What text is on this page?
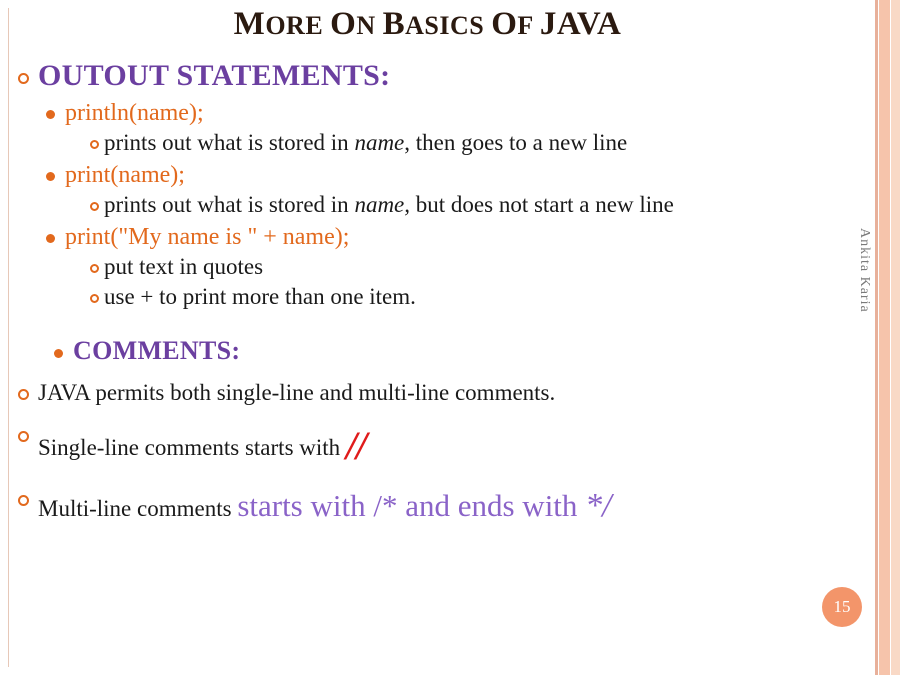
MORE ON BASICS OF JAVA
OUTOUT STATEMENTS:
println(name);
prints out what is stored in name, then goes to a new line
print(name);
prints out what is stored in name, but does not start a new line
print("My name is " + name);
put text in quotes
use + to print more than one item.
COMMENTS:
JAVA permits both single-line and multi-line comments.
Single-line comments starts with //
Multi-line comments starts with /* and ends with */
Ankita Karia
15
